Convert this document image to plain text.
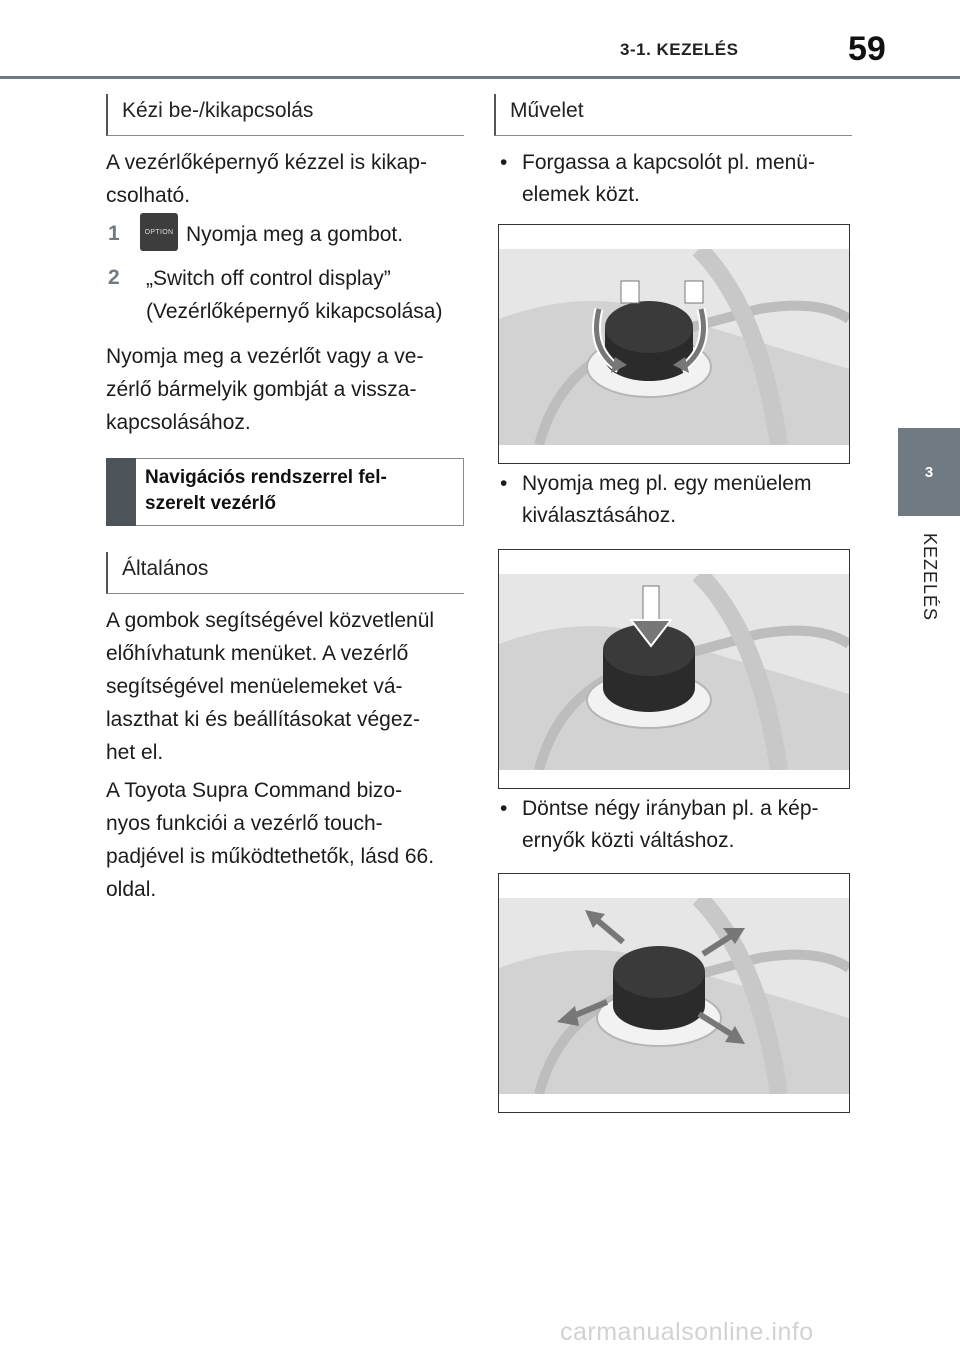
3-1. KEZELÉS	59
3
KEZELÉS
Kézi be-/kikapcsolás
A vezérlőképernyő kézzel is kikap-
csolható.
1	OPTION Nyomja meg a gombot.
2 „Switch off control display”
(Vezérlőképernyő kikapcsolása)
Nyomja meg a vezérlőt vagy a ve-
zérlő bármelyik gombját a vissza-
kapcsolásához.
Navigációs rendszerrel fel-
szerelt vezérlő
Általános
A gombok segítségével közvetlenül
előhívhatunk menüket. A vezérlő
segítségével menüelemeket vá-
laszthat ki és beállításokat végez-
het el.
A Toyota Supra Command bizo-
nyos funkciói a vezérlő touch-
padjével is működtethetők, lásd 66.
oldal.
Művelet
• Forgassa a kapcsolót pl. menü-
elemek közt.
• Nyomja meg pl. egy menüelem
kiválasztásához.
• Döntse négy irányban pl. a kép-
ernyők közti váltáshoz.
carmanualsonline.info
